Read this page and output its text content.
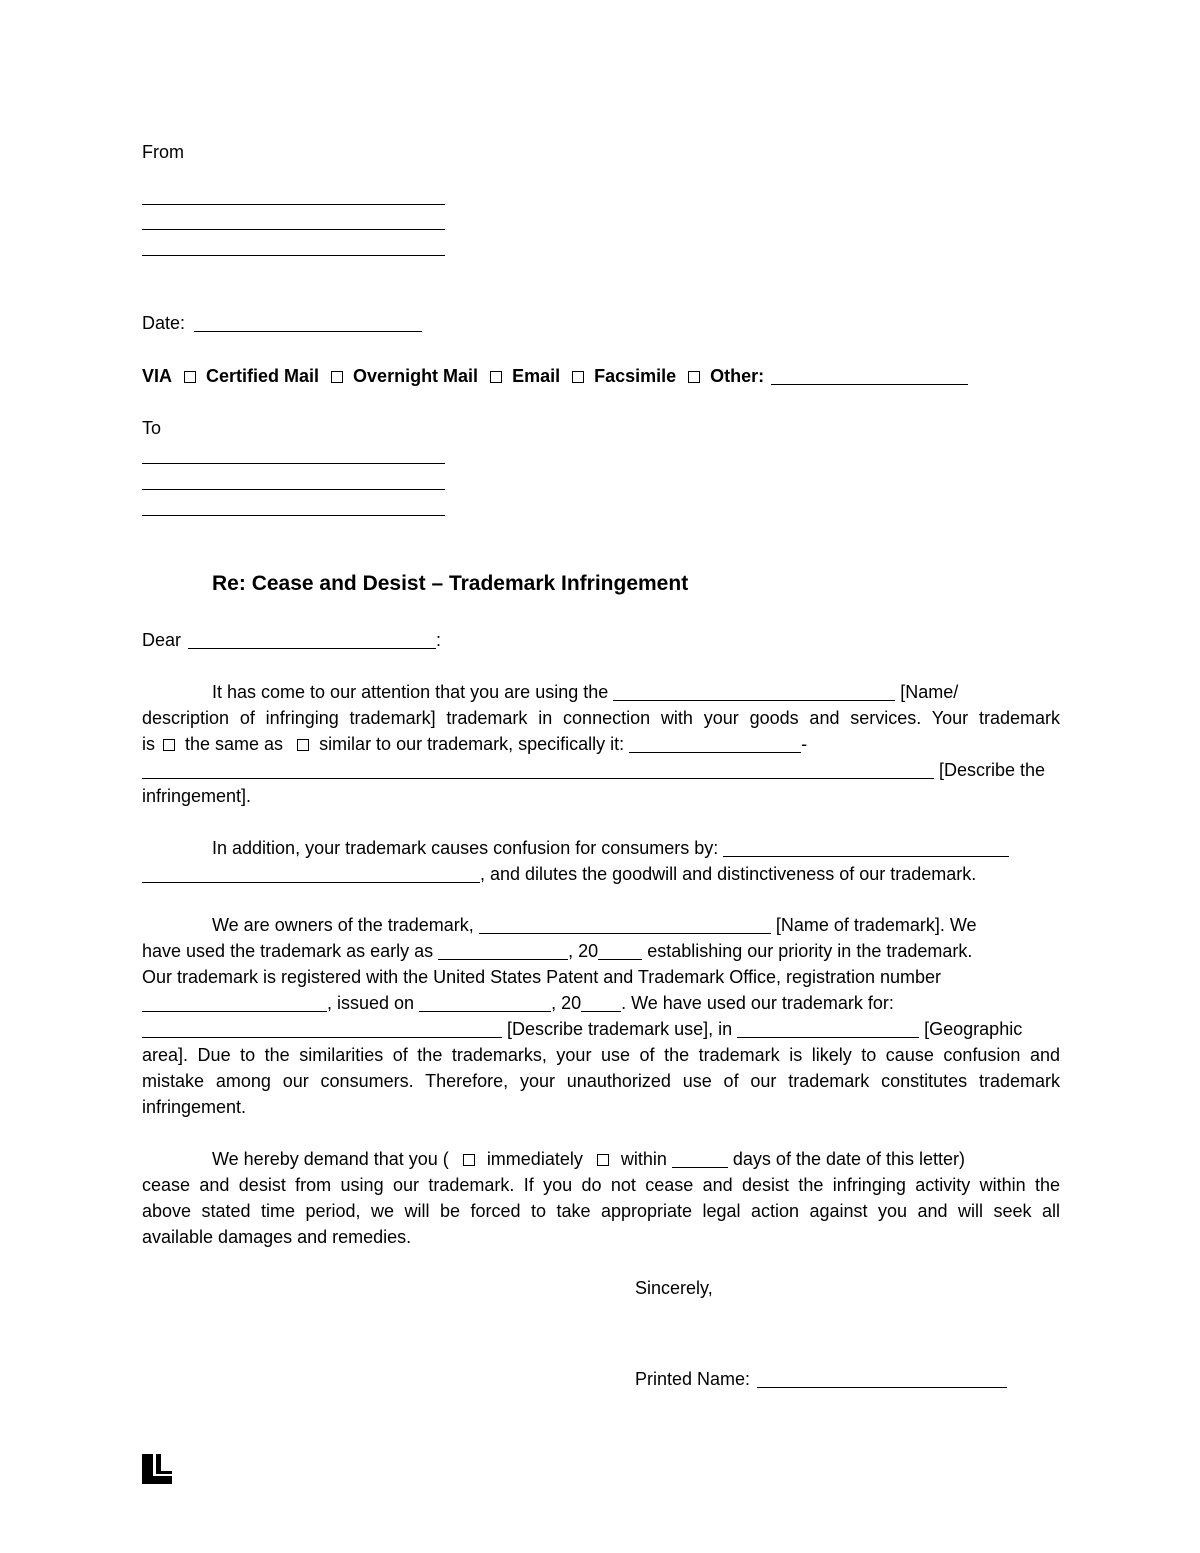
From
Date:
VIA Certified Mail Overnight Mail Email Facsimile Other:
To
Re: Cease and Desist – Trademark Infringement
Dear	:
It has come to our attention that you are using the	[Name/
description of infringing trademark] trademark in connection with your goods and services. Your trademark
is the same as similar to our trademark, specifically it:	-
[Describe the
infringement].
In addition, your trademark causes confusion for consumers by:
, and dilutes the goodwill and distinctiveness of our trademark.
We are owners of the trademark,	[Name of trademark]. We
have used the trademark as early as	, 20	establishing our priority in the trademark.
Our trademark is registered with the United States Patent and Trademark Office, registration number
, issued on	, 20 . We have used our trademark for:
[Describe trademark use], in	[Geographic
area]. Due to the similarities of the trademarks, your use of the trademark is likely to cause confusion and
mistake among our consumers. Therefore, your unauthorized use of our trademark constitutes trademark
infringement.
We hereby demand that you ( immediately within	days of the date of this letter)
cease and desist from using our trademark. If you do not cease and desist the infringing activity within the
above stated time period, we will be forced to take appropriate legal action against you and will seek all
available damages and remedies.
Sincerely,
Printed Name:
